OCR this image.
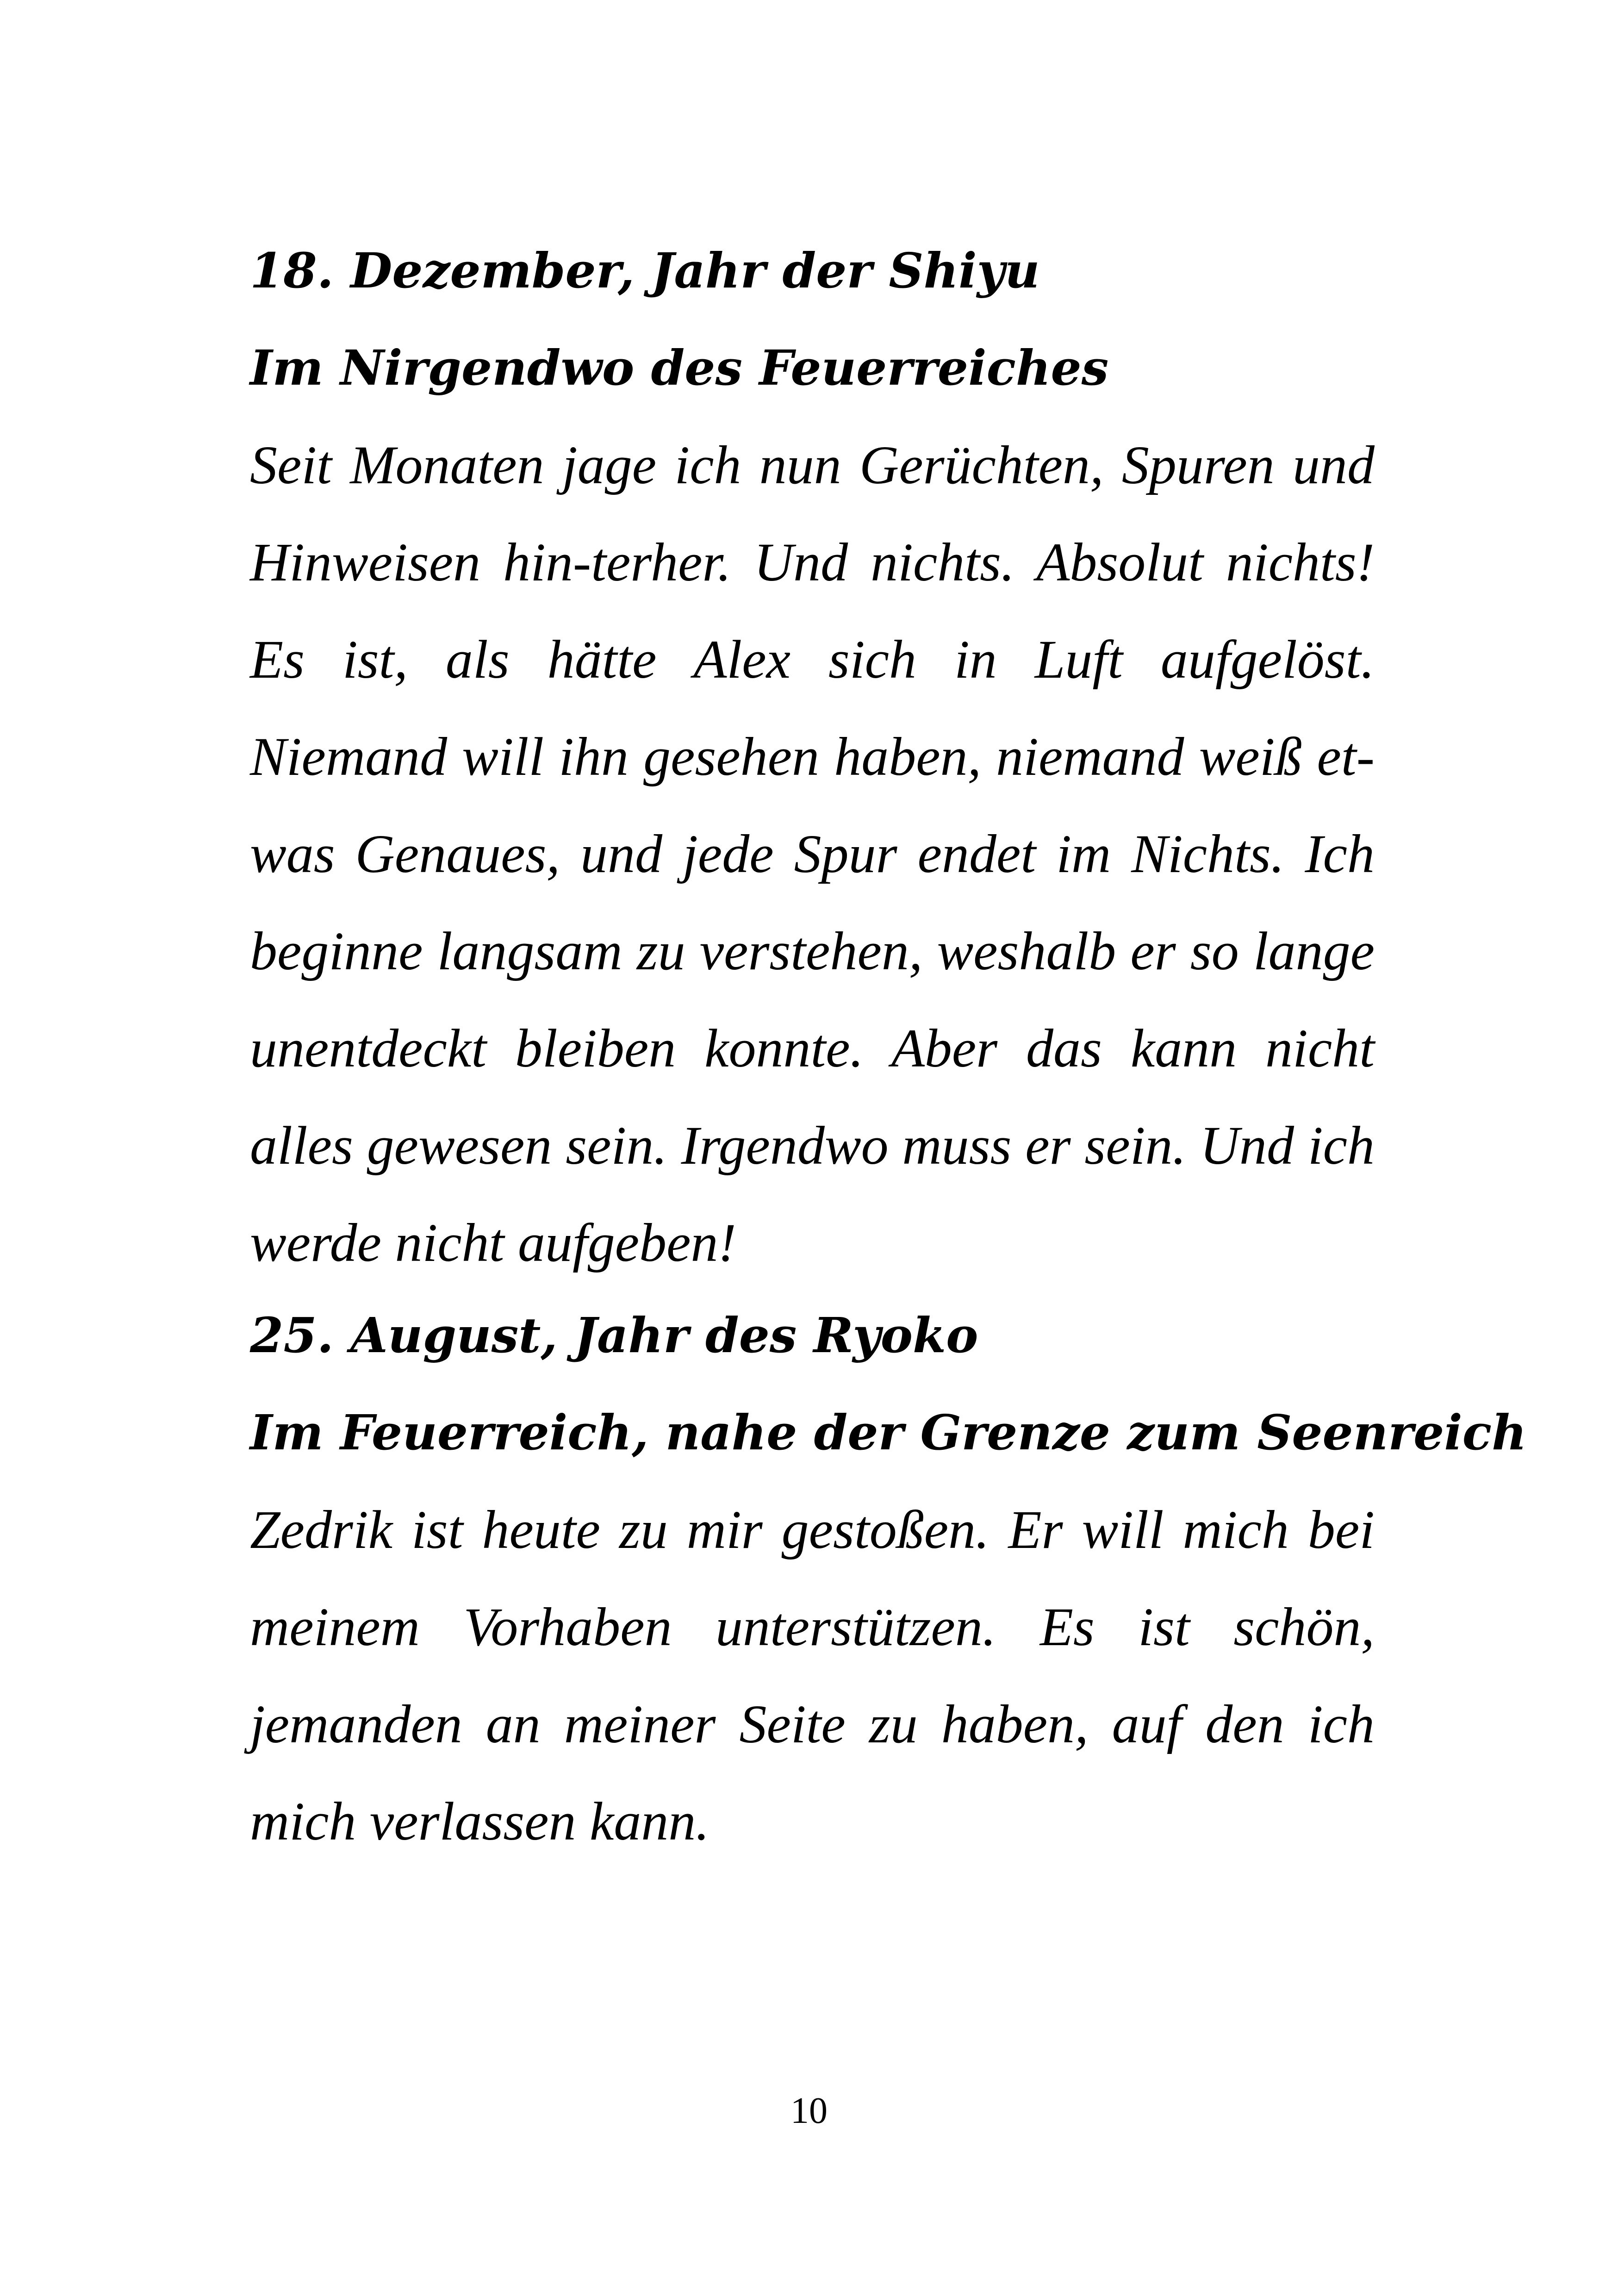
18. Dezember, Jahr der Shiyu
Im Nirgendwo des Feuerreiches

Seit Monaten jage ich nun Gerüchten, Spuren und Hinweisen hin-terher. Und nichts. Absolut nichts! Es ist, als hätte Alex sich in Luft aufgelöst. Niemand will ihn gesehen haben, niemand weiß et-was Genaues, und jede Spur endet im Nichts. Ich beginne langsam zu verstehen, weshalb er so lange unentdeckt bleiben konnte. Aber das kann nicht alles gewesen sein. Irgendwo muss er sein. Und ich werde nicht aufgeben!

25. August, Jahr des Ryoko
Im Feuerreich, nahe der Grenze zum Seenreich

Zedrik ist heute zu mir gestoßen. Er will mich bei meinem Vorhaben unterstützen. Es ist schön, jemanden an meiner Seite zu haben, auf den ich mich verlassen kann.

10
